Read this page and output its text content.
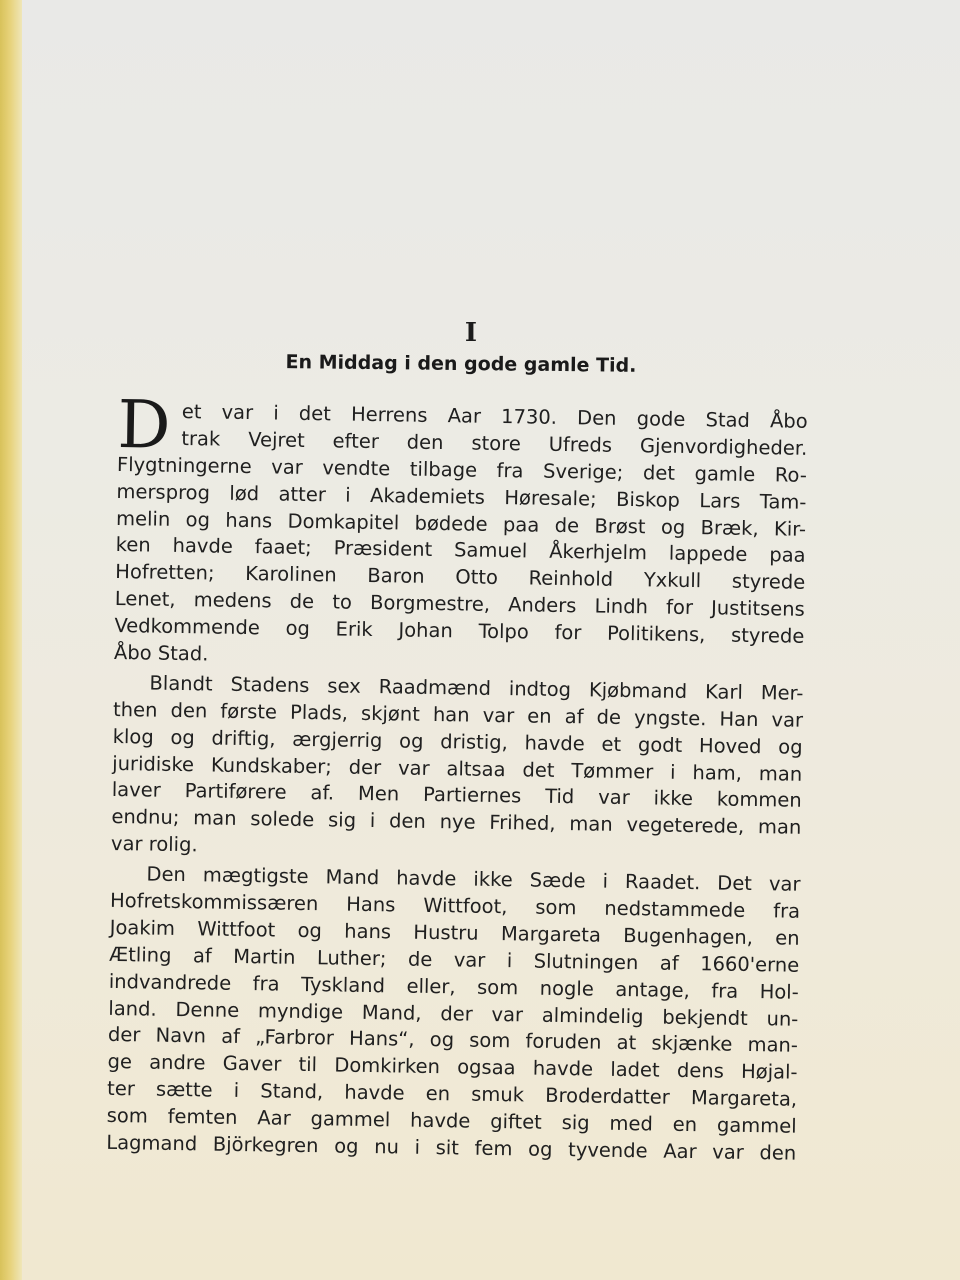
I
En Middag i den gode gamle Tid.
D et var i det Herrens Aar 1730. Den gode Stad Åbo
trak Vejret efter den store Ufreds Gjenvordigheder.
Flygtningerne var vendte tilbage fra Sverige; det gamle Ro-
mersprog lød atter i Akademiets Høresale; Biskop Lars Tam-
melin og hans Domkapitel bødede paa de Brøst og Bræk, Kir-
ken havde faaet; Præsident Samuel Åkerhjelm lappede paa
Hofretten; Karolinen Baron Otto Reinhold Yxkull styrede
Lenet, medens de to Borgmestre, Anders Lindh for Justitsens
Vedkommende og Erik Johan Tolpo for Politikens, styrede
Åbo Stad.
Blandt Stadens sex Raadmænd indtog Kjøbmand Karl Mer-
then den første Plads, skjønt han var en af de yngste. Han var
klog og driftig, ærgjerrig og dristig, havde et godt Hoved og
juridiske Kundskaber; der var altsaa det Tømmer i ham, man
laver Partiførere af. Men Partiernes Tid var ikke kommen
endnu; man solede sig i den nye Frihed, man vegeterede, man
var rolig.
Den mægtigste Mand havde ikke Sæde i Raadet. Det var
Hofretskommissæren Hans Wittfoot, som nedstammede fra
Joakim Wittfoot og hans Hustru Margareta Bugenhagen, en
Ætling af Martin Luther; de var i Slutningen af 1660'erne
indvandrede fra Tyskland eller, som nogle antage, fra Hol-
land. Denne myndige Mand, der var almindelig bekjendt un-
der Navn af „Farbror Hans“, og som foruden at skjænke man-
ge andre Gaver til Domkirken ogsaa havde ladet dens Højal-
ter sætte i Stand, havde en smuk Broderdatter Margareta,
som femten Aar gammel havde giftet sig med en gammel
Lagmand Björkegren og nu i sit fem og tyvende Aar var den
